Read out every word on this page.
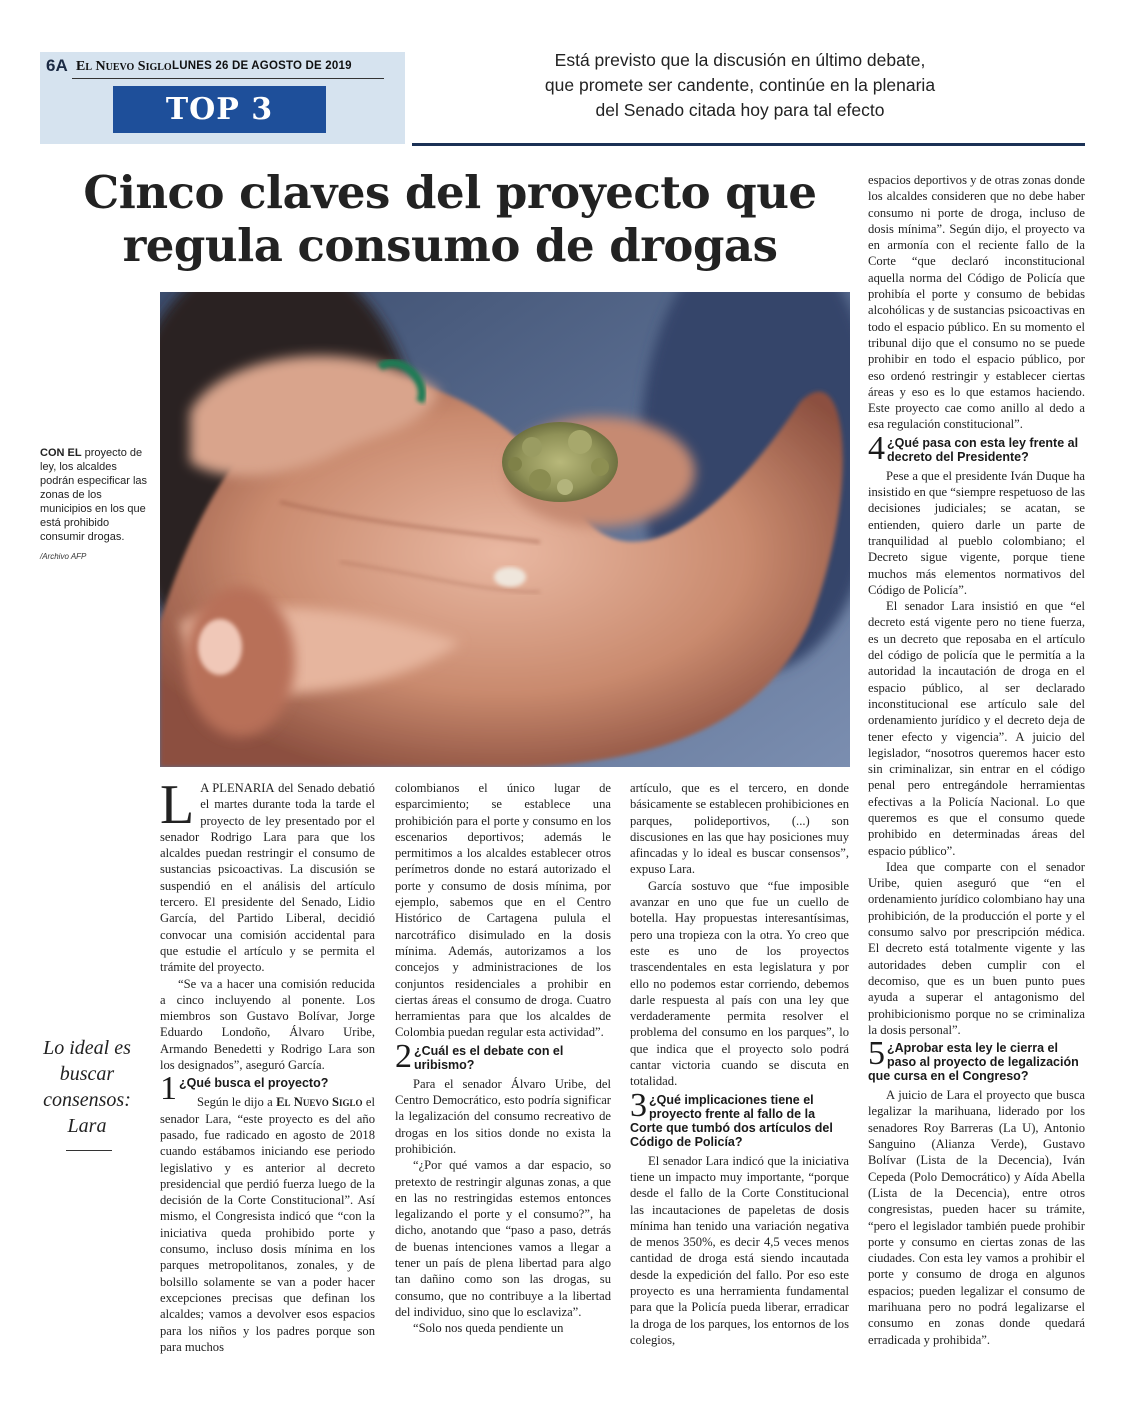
6A El Nuevo Siglo LUNES 26 DE AGOSTO DE 2019
TOP 3
Está previsto que la discusión en último debate,
que promete ser candente, continúe en la plenaria
del Senado citada hoy para tal efecto
Cinco claves del proyecto que
regula consumo de drogas
CON EL proyecto de ley, los alcaldes podrán especificar las zonas de los municipios en los que está prohibido consumir drogas.
/Archivo AFP
Lo ideal es buscar consensos: Lara

L A PLENARIA del Senado debatió el martes durante toda la tarde el proyecto de ley presentado por el senador Rodrigo Lara para que los alcaldes puedan restringir el consumo de sustancias psicoactivas. La discusión se suspendió en el análisis del artículo tercero. El presidente del Senado, Lidio García, del Partido Liberal, decidió convocar una comisión accidental para que estudie el artículo y se permita el trámite del proyecto.

“Se va a hacer una comisión reducida a cinco incluyendo al ponente. Los miembros son Gustavo Bolívar, Jorge Eduardo Londoño, Álvaro Uribe, Armando Benedetti y Rodrigo Lara son los designados”, aseguró García.

1 ¿Qué busca el proyecto?

Según le dijo a El Nuevo Siglo el senador Lara, “este proyecto es del año pasado, fue radicado en agosto de 2018 cuando estábamos iniciando ese periodo legislativo y es anterior al decreto presidencial que perdió fuerza luego de la decisión de la Corte Constitucional”. Así mismo, el Congresista indicó que “con la iniciativa queda prohibido porte y consumo, incluso dosis mínima en los parques metropolitanos, zonales, y de bolsillo solamente se van a poder hacer excepciones precisas que definan los alcaldes; vamos a devolver esos espacios para los niños y los padres porque son para muchos

colombianos el único lugar de esparcimiento; se establece una prohibición para el porte y consumo en los escenarios deportivos; además le permitimos a los alcaldes establecer otros perímetros donde no estará autorizado el porte y consumo de dosis mínima, por ejemplo, sabemos que en el Centro Histórico de Cartagena pulula el narcotráfico disimulado en la dosis mínima. Además, autorizamos a los concejos y administraciones de los conjuntos residenciales a prohibir en ciertas áreas el consumo de droga. Cuatro herramientas para que los alcaldes de Colombia puedan regular esta actividad”.

2 ¿Cuál es el debate con el uribismo?

Para el senador Álvaro Uribe, del Centro Democrático, esto podría significar la legalización del consumo recreativo de drogas en los sitios donde no exista la prohibición.

“¿Por qué vamos a dar espacio, so pretexto de restringir algunas zonas, a que en las no restringidas estemos entonces legalizando el porte y el consumo?”, ha dicho, anotando que “paso a paso, detrás de buenas intenciones vamos a llegar a tener un país de plena libertad para algo tan dañino como son las drogas, su consumo, que no contribuye a la libertad del individuo, sino que lo esclaviza”.

“Solo nos queda pendiente un

artículo, que es el tercero, en donde básicamente se establecen prohibiciones en parques, polideportivos, (...) son discusiones en las que hay posiciones muy afincadas y lo ideal es buscar consensos”, expuso Lara.

García sostuvo que “fue imposible avanzar en uno que fue un cuello de botella. Hay propuestas interesantísimas, pero una tropieza con la otra. Yo creo que este es uno de los proyectos trascendentales en esta legislatura y por ello no podemos estar corriendo, debemos darle respuesta al país con una ley que verdaderamente permita resolver el problema del consumo en los parques”, lo que indica que el proyecto solo podrá cantar victoria cuando se discuta en totalidad.

3 ¿Qué implicaciones tiene el proyecto frente al fallo de la Corte que tumbó dos artículos del Código de Policía?

El senador Lara indicó que la iniciativa tiene un impacto muy importante, “porque desde el fallo de la Corte Constitucional las incautaciones de papeletas de dosis mínima han tenido una variación negativa de menos 350%, es decir 4,5 veces menos cantidad de droga está siendo incautada desde la expedición del fallo. Por eso este proyecto es una herramienta fundamental para que la Policía pueda liberar, erradicar la droga de los parques, los entornos de los colegios,

espacios deportivos y de otras zonas donde los alcaldes consideren que no debe haber consumo ni porte de droga, incluso de dosis mínima”. Según dijo, el proyecto va en armonía con el reciente fallo de la Corte “que declaró inconstitucional aquella norma del Código de Policía que prohibía el porte y consumo de bebidas alcohólicas y de sustancias psicoactivas en todo el espacio público. En su momento el tribunal dijo que el consumo no se puede prohibir en todo el espacio público, por eso ordenó restringir y establecer ciertas áreas y eso es lo que estamos haciendo. Este proyecto cae como anillo al dedo a esa regulación constitucional”.

4 ¿Qué pasa con esta ley frente al decreto del Presidente?

Pese a que el presidente Iván Duque ha insistido en que “siempre respetuoso de las decisiones judiciales; se acatan, se entienden, quiero darle un parte de tranquilidad al pueblo colombiano; el Decreto sigue vigente, porque tiene muchos más elementos normativos del Código de Policía”.

El senador Lara insistió en que “el decreto está vigente pero no tiene fuerza, es un decreto que reposaba en el artículo del código de policía que le permitía a la autoridad la incautación de droga en el espacio público, al ser declarado inconstitucional ese artículo sale del ordenamiento jurídico y el decreto deja de tener efecto y vigencia”. A juicio del legislador, “nosotros queremos hacer esto sin criminalizar, sin entrar en el código penal pero entregándole herramientas efectivas a la Policía Nacional. Lo que queremos es que el consumo quede prohibido en determinadas áreas del espacio público”.

Idea que comparte con el senador Uribe, quien aseguró que “en el ordenamiento jurídico colombiano hay una prohibición, de la producción el porte y el consumo salvo por prescripción médica. El decreto está totalmente vigente y las autoridades deben cumplir con el decomiso, que es un buen punto pues ayuda a superar el antagonismo del prohibicionismo porque no se criminaliza la dosis personal”.

5 ¿Aprobar esta ley le cierra el paso al proyecto de legalización que cursa en el Congreso?

A juicio de Lara el proyecto que busca legalizar la marihuana, liderado por los senadores Roy Barreras (La U), Antonio Sanguino (Alianza Verde), Gustavo Bolívar (Lista de la Decencia), Iván Cepeda (Polo Democrático) y Aída Abella (Lista de la Decencia), entre otros congresistas, pueden hacer su trámite, “pero el legislador también puede prohibir porte y consumo en ciertas zonas de las ciudades. Con esta ley vamos a prohibir el porte y consumo de droga en algunos espacios; pueden legalizar el consumo de marihuana pero no podrá legalizarse el consumo en zonas donde quedará erradicada y prohibida”.
